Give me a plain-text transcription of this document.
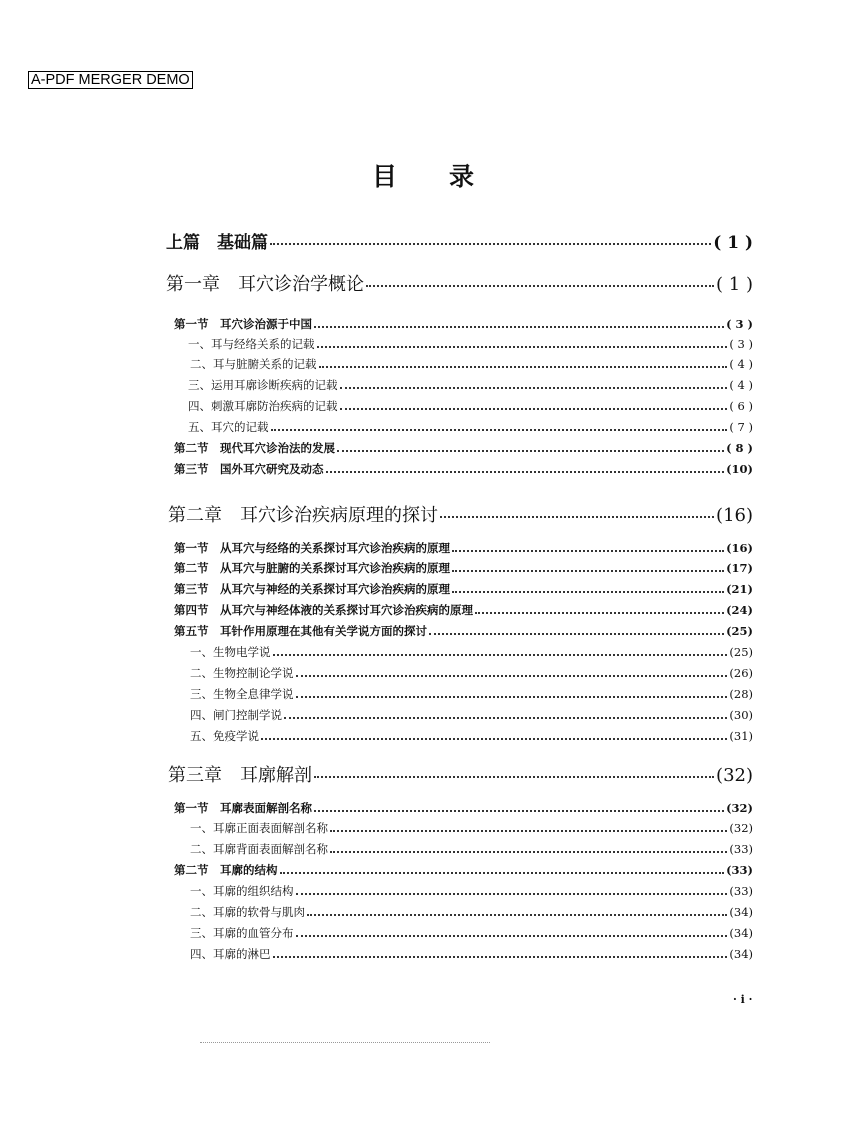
A-PDF MERGER DEMO
目录
上篇　基础篇	( 1 )
第一章　耳穴诊治学概论	( 1 )
第一节　耳穴诊治源于中国	( 3 )
一、耳与经络关系的记载	( 3 )
二、耳与脏腑关系的记载	( 4 )
三、运用耳廓诊断疾病的记载	( 4 )
四、刺激耳廓防治疾病的记载	( 6 )
五、耳穴的记载	( 7 )
第二节　现代耳穴诊治法的发展	( 8 )
第三节　国外耳穴研究及动态	(10)
第二章　耳穴诊治疾病原理的探讨	(16)
第一节　从耳穴与经络的关系探讨耳穴诊治疾病的原理	(16)
第二节　从耳穴与脏腑的关系探讨耳穴诊治疾病的原理	(17)
第三节　从耳穴与神经的关系探讨耳穴诊治疾病的原理	(21)
第四节　从耳穴与神经体液的关系探讨耳穴诊治疾病的原理	(24)
第五节　耳针作用原理在其他有关学说方面的探讨	(25)
一、生物电学说	(25)
二、生物控制论学说	(26)
三、生物全息律学说	(28)
四、闸门控制学说	(30)
五、免疫学说	(31)
第三章　耳廓解剖	(32)
第一节　耳廓表面解剖名称	(32)
一、耳廓正面表面解剖名称	(32)
二、耳廓背面表面解剖名称	(33)
第二节　耳廓的结构	(33)
一、耳廓的组织结构	(33)
二、耳廓的软骨与肌肉	(34)
三、耳廓的血管分布	(34)
四、耳廓的淋巴	(34)
· i ·
